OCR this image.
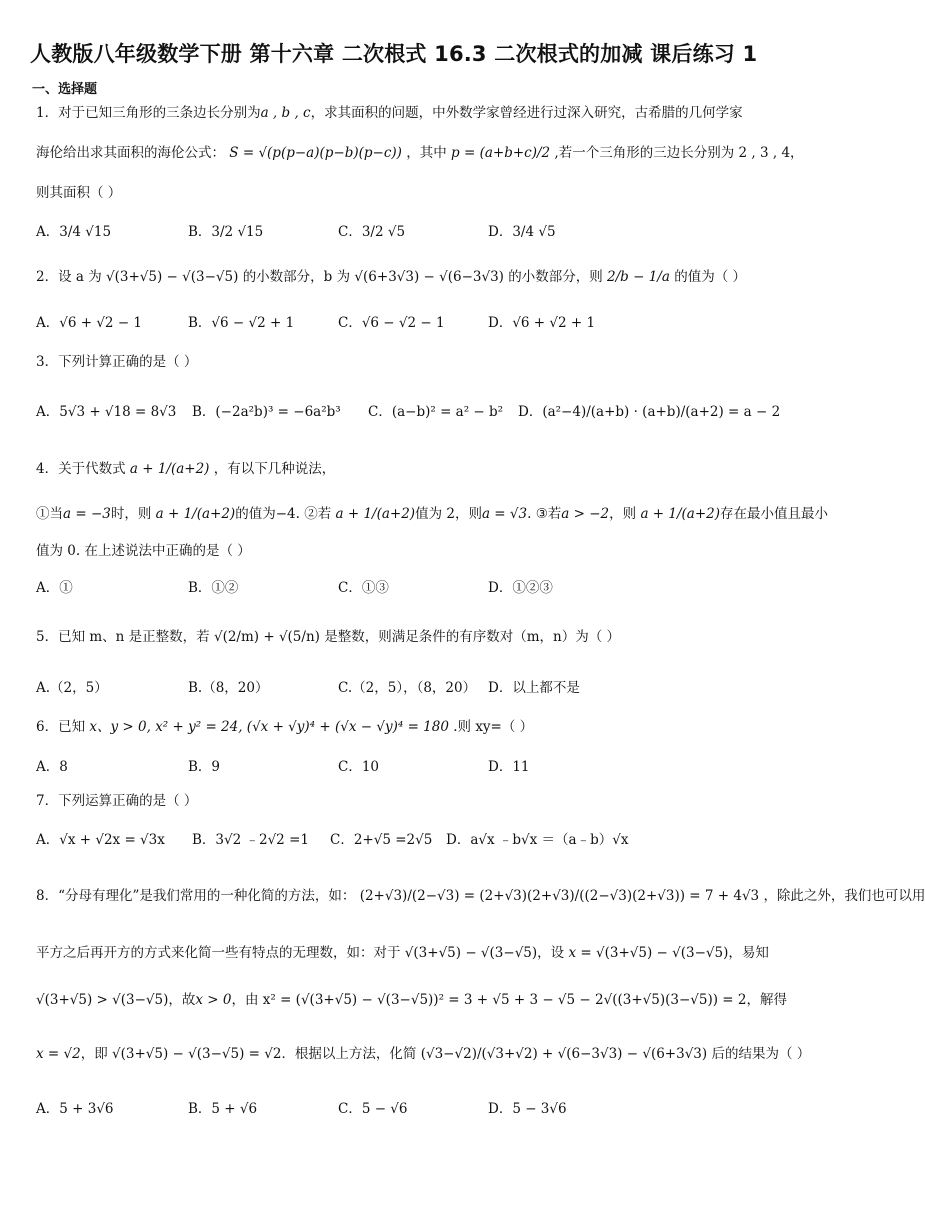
人教版八年级数学下册 第十六章 二次根式 16.3 二次根式的加减 课后练习 1
一、选择题
1．对于已知三角形的三条边长分别为a , b , c，求其面积的问题，中外数学家曾经进行过深入研究，古希腊的几何学家
海伦给出求其面积的海伦公式： S = √(p(p−a)(p−b)(p−c)) ，其中 p = (a+b+c)/2 ,若一个三角形的三边长分别为 2 , 3 , 4，
则其面积（ ）
A．3/4 √15	B．3/2 √15	C．3/2 √5	D．3/4 √5
2．设 a 为 √(3+√5) − √(3−√5) 的小数部分，b 为 √(6+3√3) − √(6−3√3) 的小数部分，则 2/b − 1/a 的值为（ ）
A．√6 + √2 − 1	B．√6 − √2 + 1	C．√6 − √2 − 1	D．√6 + √2 + 1
3．下列计算正确的是（ ）
A．5√3 + √18 = 8√3 B．(−2a²b)³ = −6a²b³ C．(a−b)² = a² − b² D．(a²−4)/(a+b) · (a+b)/(a+2) = a − 2
4．关于代数式 a + 1/(a+2) ，有以下几种说法，
①当a = −3时，则 a + 1/(a+2)的值为−4. ②若 a + 1/(a+2)值为 2，则a = √3. ③若a > −2，则 a + 1/(a+2)存在最小值且最小
值为 0. 在上述说法中正确的是（ ）
A．①	B．①②	C．①③	D．①②③
5．已知 m、n 是正整数，若 √(2/m) + √(5/n) 是整数，则满足条件的有序数对（m，n）为（ ）
A.（2，5）	B.（8，20）	C.（2，5），（8，20） D．以上都不是
6．已知 x、y > 0, x² + y² = 24, (√x + √y)⁴ + (√x − √y)⁴ = 180 .则 xy=（ ）
A．8	B．9	C．10	D．11
7．下列运算正确的是（ ）
A．√x + √2x = √3x B．3√2 ﹣2√2 =1 C．2+√5 =2√5 D．a√x ﹣b√x ＝（a﹣b）√x
8．“分母有理化”是我们常用的一种化简的方法，如： (2+√3)/(2−√3) = (2+√3)(2+√3)/((2−√3)(2+√3)) = 7 + 4√3 ，除此之外，我们也可以用
平方之后再开方的方式来化简一些有特点的无理数，如：对于 √(3+√5) − √(3−√5)，设 x = √(3+√5) − √(3−√5)，易知
√(3+√5) > √(3−√5)，故x > 0，由 x² = (√(3+√5) − √(3−√5))² = 3 + √5 + 3 − √5 − 2√((3+√5)(3−√5)) = 2，解得
x = √2，即 √(3+√5) − √(3−√5) = √2．根据以上方法，化简 (√3−√2)/(√3+√2) + √(6−3√3) − √(6+3√3) 后的结果为（ ）
A．5 + 3√6	B．5 + √6	C．5 − √6	D．5 − 3√6
